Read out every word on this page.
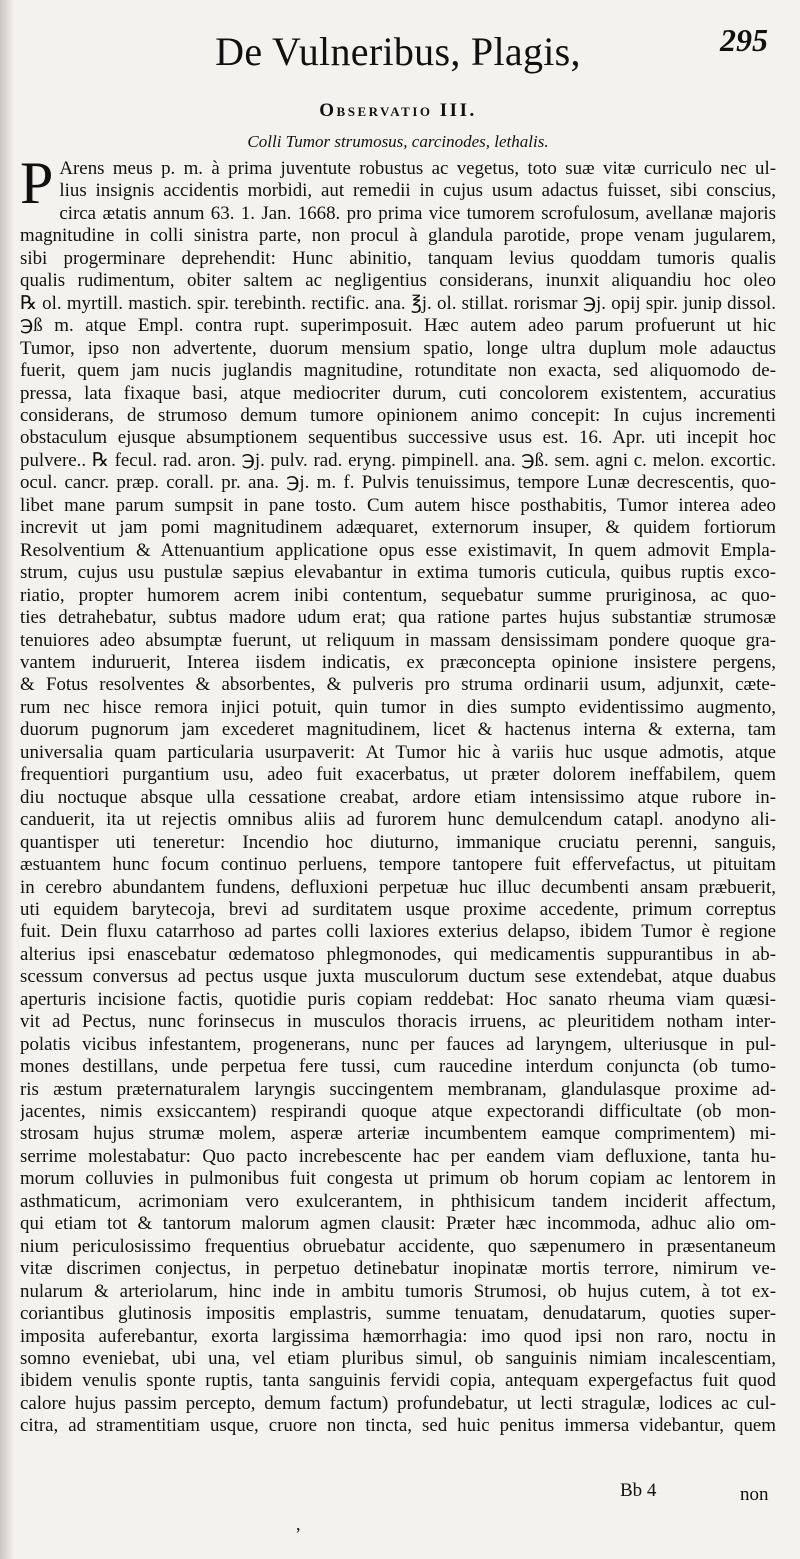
De Vulneribus, Plagis,	295
Observatio III.
Colli Tumor strumosus, carcinodes, lethalis.
P Arens meus p. m. à prima juventute robustus ac vegetus, toto suæ vitæ curriculo nec ul-
lius insignis accidentis morbidi, aut remedii in cujus usum adactus fuisset, sibi conscius,
circa ætatis annum 63. 1. Jan. 1668. pro prima vice tumorem scrofulosum, avellanæ majoris
magnitudine in colli sinistra parte, non procul à glandula parotide, prope venam jugularem,
sibi progerminare deprehendit: Hunc abinitio, tanquam levius quoddam tumoris qualis
qualis rudimentum, obiter saltem ac negligentius considerans, inunxit aliquandiu hoc oleo
℞ ol. myrtill. mastich. spir. terebinth. rectific. ana. ℥j. ol. stillat. rorismar ℈j. opij spir. junip dissol.
℈ß m. atque Empl. contra rupt. superimposuit. Hæc autem adeo parum profuerunt ut hic
Tumor, ipso non advertente, duorum mensium spatio, longe ultra duplum mole adauctus
fuerit, quem jam nucis juglandis magnitudine, rotunditate non exacta, sed aliquomodo de-
pressa, lata fixaque basi, atque mediocriter durum, cuti concolorem existentem, accuratius
considerans, de strumoso demum tumore opinionem animo concepit: In cujus incrementi
obstaculum ejusque absumptionem sequentibus successive usus est. 16. Apr. uti incepit hoc
pulvere.. ℞ fecul. rad. aron. ℈j. pulv. rad. eryng. pimpinell. ana. ℈ß. sem. agni c. melon. excortic.
ocul. cancr. præp. corall. pr. ana. ℈j. m. f. Pulvis tenuissimus, tempore Lunæ decrescentis, quo-
libet mane parum sumpsit in pane tosto. Cum autem hisce posthabitis, Tumor interea adeo
increvit ut jam pomi magnitudinem adæquaret, externorum insuper, & quidem fortiorum
Resolventium & Attenuantium applicatione opus esse existimavit, In quem admovit Empla-
strum, cujus usu pustulæ sæpius elevabantur in extima tumoris cuticula, quibus ruptis exco-
riatio, propter humorem acrem inibi contentum, sequebatur summe pruriginosa, ac quo-
ties detrahebatur, subtus madore udum erat; qua ratione partes hujus substantiæ strumosæ
tenuiores adeo absumptæ fuerunt, ut reliquum in massam densissimam pondere quoque gra-
vantem induruerit, Interea iisdem indicatis, ex præconcepta opinione insistere pergens,
& Fotus resolventes & absorbentes, & pulveris pro struma ordinarii usum, adjunxit, cæte-
rum nec hisce remora injici potuit, quin tumor in dies sumpto evidentissimo augmento,
duorum pugnorum jam excederet magnitudinem, licet & hactenus interna & externa, tam
universalia quam particularia usurpaverit: At Tumor hic à variis huc usque admotis, atque
frequentiori purgantium usu, adeo fuit exacerbatus, ut præter dolorem ineffabilem, quem
diu noctuque absque ulla cessatione creabat, ardore etiam intensissimo atque rubore in-
canduerit, ita ut rejectis omnibus aliis ad furorem hunc demulcendum catapl. anodyno ali-
quantisper uti teneretur: Incendio hoc diuturno, immanique cruciatu perenni, sanguis,
æstuantem hunc focum continuo perluens, tempore tantopere fuit effervefactus, ut pituitam
in cerebro abundantem fundens, defluxioni perpetuæ huc illuc decumbenti ansam præbuerit,
uti equidem barytecoja, brevi ad surditatem usque proxime accedente, primum correptus
fuit. Dein fluxu catarrhoso ad partes colli laxiores exterius delapso, ibidem Tumor è regione
alterius ipsi enascebatur œdematoso phlegmonodes, qui medicamentis suppurantibus in ab-
scessum conversus ad pectus usque juxta musculorum ductum sese extendebat, atque duabus
aperturis incisione factis, quotidie puris copiam reddebat: Hoc sanato rheuma viam quæsi-
vit ad Pectus, nunc forinsecus in musculos thoracis irruens, ac pleuritidem notham inter-
polatis vicibus infestantem, progenerans, nunc per fauces ad laryngem, ulteriusque in pul-
mones destillans, unde perpetua fere tussi, cum raucedine interdum conjuncta (ob tumo-
ris æstum præternaturalem laryngis succingentem membranam, glandulasque proxime ad-
jacentes, nimis exsiccantem) respirandi quoque atque expectorandi difficultate (ob mon-
strosam hujus strumæ molem, asperæ arteriæ incumbentem eamque comprimentem) mi-
serrime molestabatur: Quo pacto increbescente hac per eandem viam defluxione, tanta hu-
morum colluvies in pulmonibus fuit congesta ut primum ob horum copiam ac lentorem in
asthmaticum, acrimoniam vero exulcerantem, in phthisicum tandem inciderit affectum,
qui etiam tot & tantorum malorum agmen clausit: Præter hæc incommoda, adhuc alio om-
nium periculosissimo frequentius obruebatur accidente, quo sæpenumero in præsentaneum
vitæ discrimen conjectus, in perpetuo detinebatur inopinatæ mortis terrore, nimirum ve-
nularum & arteriolarum, hinc inde in ambitu tumoris Strumosi, ob hujus cutem, à tot ex-
coriantibus glutinosis impositis emplastris, summe tenuatam, denudatarum, quoties super-
imposita auferebantur, exorta largissima hæmorrhagia: imo quod ipsi non raro, noctu in
somno eveniebat, ubi una, vel etiam pluribus simul, ob sanguinis nimiam incalescentiam,
ibidem venulis sponte ruptis, tanta sanguinis fervidi copia, antequam expergefactus fuit quod
calore hujus passim percepto, demum factum) profundebatur, ut lecti stragulæ, lodices ac cul-
citra, ad stramentitiam usque, cruore non tincta, sed huic penitus immersa videbantur, quem
Bb 4	non
,
